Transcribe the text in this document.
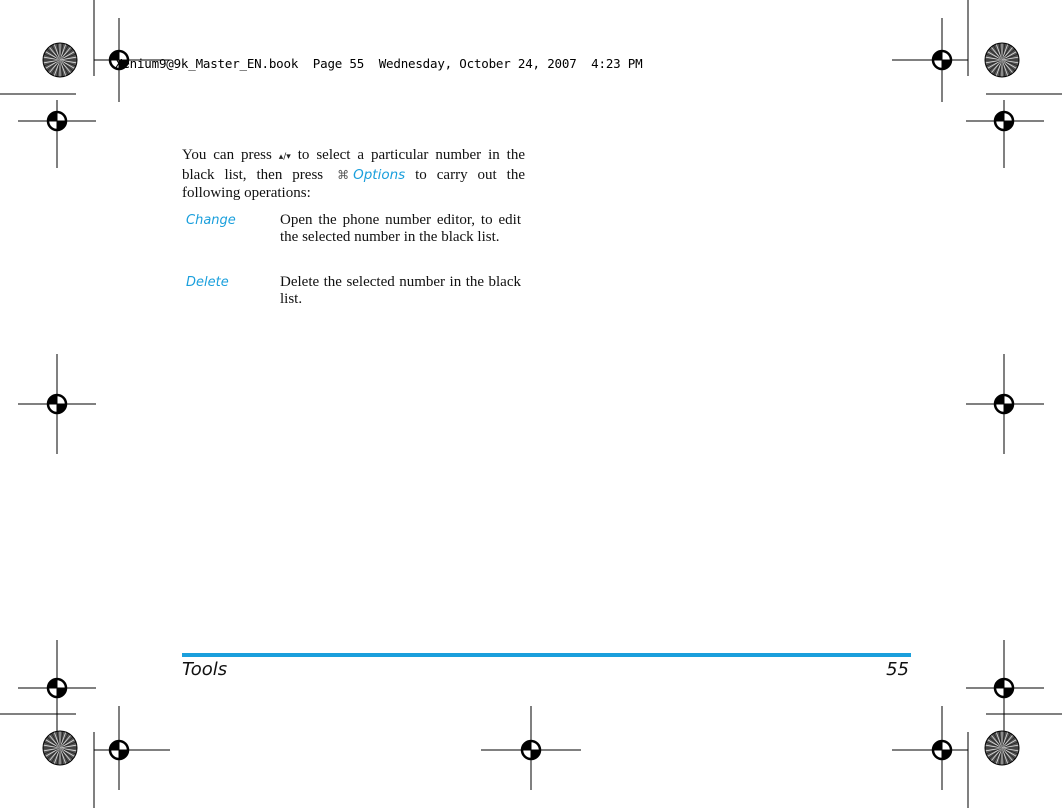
Xenium9@9k_Master_EN.book  Page 55  Wednesday, October 24, 2007  4:23 PM
You can press ▴/▾ to select a particular number in the black list, then press ⌘ Options to carry out the following operations:
Change	Open the phone number editor, to edit the selected number in the black list.
Delete	Delete the selected number in the black list.
Tools	55
